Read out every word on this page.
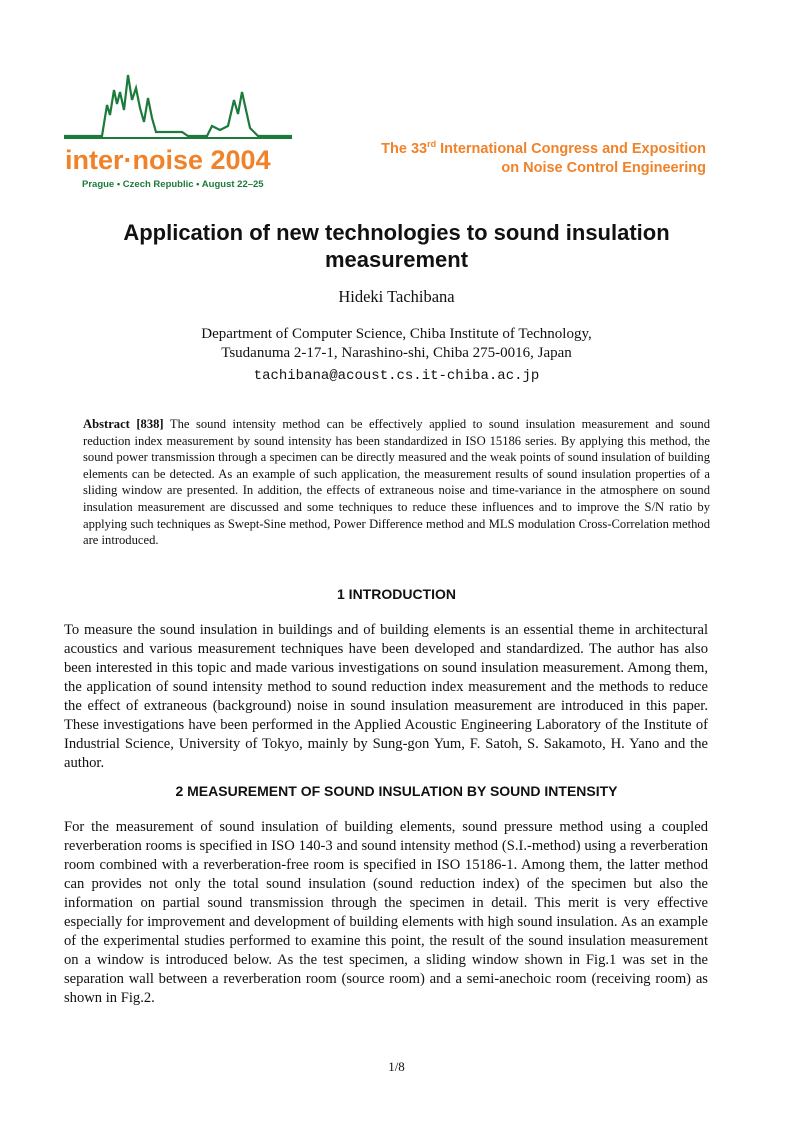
inter·noise 2004
Prague • Czech Republic • August 22–25
The 33rd International Congress and Exposition
on Noise Control Engineering
Application of new technologies to sound insulation
measurement
Hideki Tachibana
Department of Computer Science, Chiba Institute of Technology,
Tsudanuma 2-17-1, Narashino-shi, Chiba 275-0016, Japan
tachibana@acoust.cs.it-chiba.ac.jp
Abstract [838] The sound intensity method can be effectively applied to sound insulation measurement and sound reduction index measurement by sound intensity has been standardized in ISO 15186 series. By applying this method, the sound power transmission through a specimen can be directly measured and the weak points of sound insulation of building elements can be detected. As an example of such application, the measurement results of sound insulation properties of a sliding window are presented. In addition, the effects of extraneous noise and time-variance in the atmosphere on sound insulation measurement are discussed and some techniques to reduce these influences and to improve the S/N ratio by applying such techniques as Swept-Sine method, Power Difference method and MLS modulation Cross-Correlation method are introduced.
1 INTRODUCTION
To measure the sound insulation in buildings and of building elements is an essential theme in architectural acoustics and various measurement techniques have been developed and standardized. The author has also been interested in this topic and made various investigations on sound insulation measurement. Among them, the application of sound intensity method to sound reduction index measurement and the methods to reduce the effect of extraneous (background) noise in sound insulation measurement are introduced in this paper. These investigations have been performed in the Applied Acoustic Engineering Laboratory of the Institute of Industrial Science, University of Tokyo, mainly by Sung-gon Yum, F. Satoh, S. Sakamoto, H. Yano and the author.
2 MEASUREMENT OF SOUND INSULATION BY SOUND INTENSITY
For the measurement of sound insulation of building elements, sound pressure method using a coupled reverberation rooms is specified in ISO 140-3 and sound intensity method (S.I.-method) using a reverberation room combined with a reverberation-free room is specified in ISO 15186-1. Among them, the latter method can provides not only the total sound insulation (sound reduction index) of the specimen but also the information on partial sound transmission through the specimen in detail. This merit is very effective especially for improvement and development of building elements with high sound insulation. As an example of the experimental studies performed to examine this point, the result of the sound insulation measurement on a window is introduced below. As the test specimen, a sliding window shown in Fig.1 was set in the separation wall between a reverberation room (source room) and a semi-anechoic room (receiving room) as shown in Fig.2.
1/8
